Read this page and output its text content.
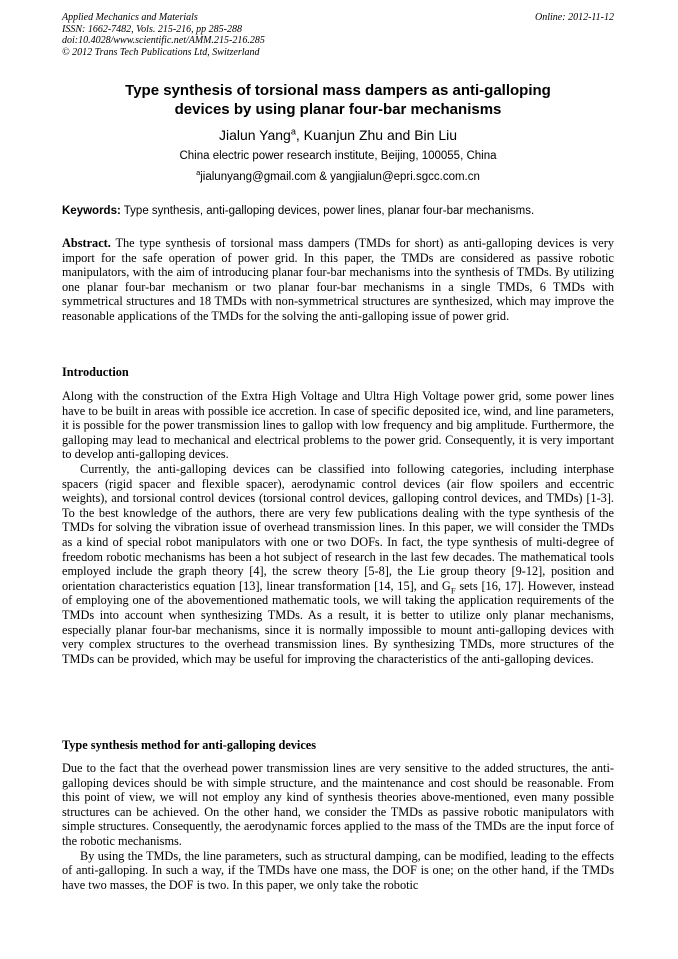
Applied Mechanics and Materials
ISSN: 1662-7482, Vols. 215-216, pp 285-288
doi:10.4028/www.scientific.net/AMM.215-216.285
© 2012 Trans Tech Publications Ltd, Switzerland
Online: 2012-11-12
Type synthesis of torsional mass dampers as anti-galloping
devices by using planar four-bar mechanisms
Jialun Yang$^a$, Kuanjun Zhu and Bin Liu
China electric power research institute, Beijing, 100055, China
$^a$jialunyang@gmail.com & yangjialun@epri.sgcc.com.cn
Keywords: Type synthesis, anti-galloping devices, power lines, planar four-bar mechanisms.

Abstract. The type synthesis of torsional mass dampers (TMDs for short) as anti-galloping devices is very import for the safe operation of power grid. In this paper, the TMDs are considered as passive robotic manipulators, with the aim of introducing planar four-bar mechanisms into the synthesis of TMDs. By utilizing one planar four-bar mechanism or two planar four-bar mechanisms in a single TMDs, 6 TMDs with symmetrical structures and 18 TMDs with non-symmetrical structures are synthesized, which may improve the reasonable applications of the TMDs for the solving the anti-galloping issue of power grid.

Introduction

Along with the construction of the Extra High Voltage and Ultra High Voltage power grid, some power lines have to be built in areas with possible ice accretion. In case of specific deposited ice, wind, and line parameters, it is possible for the power transmission lines to gallop with low frequency and big amplitude. Furthermore, the galloping may lead to mechanical and electrical problems to the power grid. Consequently, it is very important to develop anti-galloping devices.

Currently, the anti-galloping devices can be classified into following categories, including interphase spacers (rigid spacer and flexible spacer), aerodynamic control devices (air flow spoilers and eccentric weights), and torsional control devices (torsional control devices, galloping control devices, and TMDs) [1-3]. To the best knowledge of the authors, there are very few publications dealing with the type synthesis of the TMDs for solving the vibration issue of overhead transmission lines. In this paper, we will consider the TMDs as a kind of special robot manipulators with one or two DOFs. In fact, the type synthesis of multi-degree of freedom robotic mechanisms has been a hot subject of research in the last few decades. The mathematical tools employed include the graph theory [4], the screw theory [5-8], the Lie group theory [9-12], position and orientation characteristics equation [13], linear transformation [14, 15], and $G_F$ sets [16, 17]. However, instead of employing one of the abovementioned mathematic tools, we will taking the application requirements of the TMDs into account when synthesizing TMDs. As a result, it is better to utilize only planar mechanisms, especially planar four-bar mechanisms, since it is normally impossible to mount anti-galloping devices with very complex structures to the overhead transmission lines. By synthesizing TMDs, more structures of the TMDs can be provided, which may be useful for improving the characteristics of the anti-galloping devices.

Type synthesis method for anti-galloping devices

Due to the fact that the overhead power transmission lines are very sensitive to the added structures, the anti-galloping devices should be with simple structure, and the maintenance and cost should be reasonable. From this point of view, we will not employ any kind of synthesis theories above-mentioned, even many possible structures can be achieved. On the other hand, we consider the TMDs as passive robotic manipulators with simple structures. Consequently, the aerodynamic forces applied to the mass of the TMDs are the input force of the robotic mechanisms.

By using the TMDs, the line parameters, such as structural damping, can be modified, leading to the effects of anti-galloping. In such a way, if the TMDs have one mass, the DOF is one; on the other hand, if the TMDs have two masses, the DOF is two. In this paper, we only take the robotic
